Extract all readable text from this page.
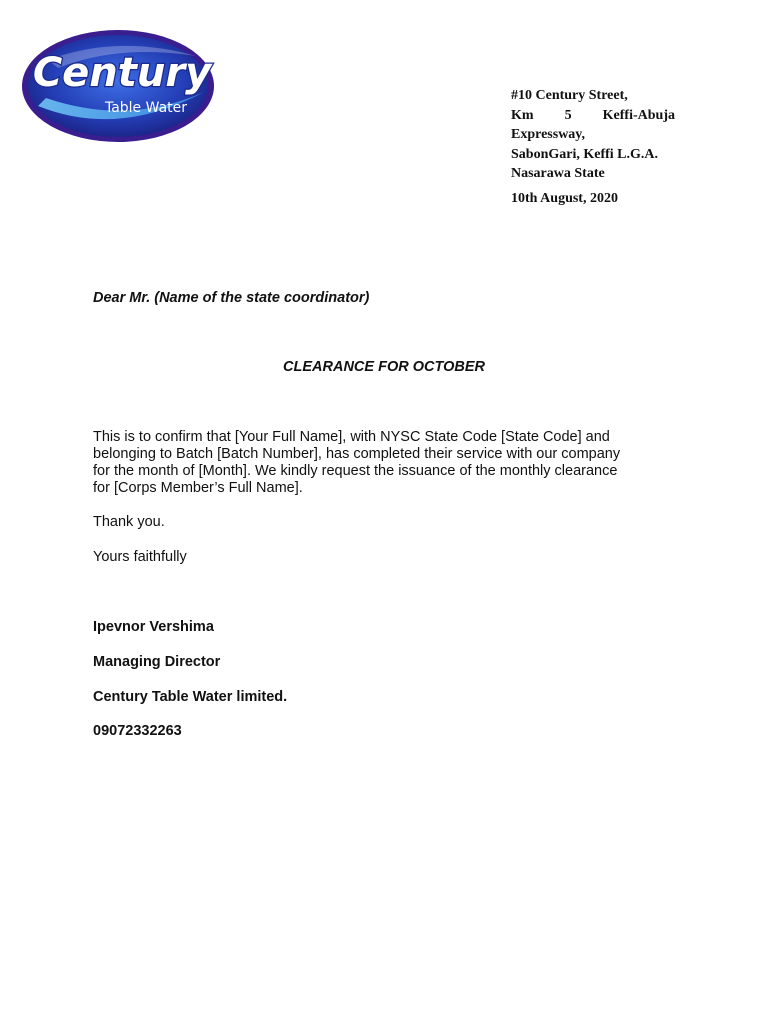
Century
Table Water
#10 Century Street,
Km 5 Keffi-Abuja
Expressway,
SabonGari, Keffi L.G.A.
Nasarawa State
10th August, 2020
Dear Mr. (Name of the state coordinator)
CLEARANCE FOR OCTOBER
This is to confirm that [Your Full Name], with NYSC State Code [State Code] and
belonging to Batch [Batch Number], has completed their service with our company
for the month of [Month]. We kindly request the issuance of the monthly clearance
for [Corps Member’s Full Name].
Thank you.
Yours faithfully
Ipevnor Vershima
Managing Director
Century Table Water limited.
09072332263
